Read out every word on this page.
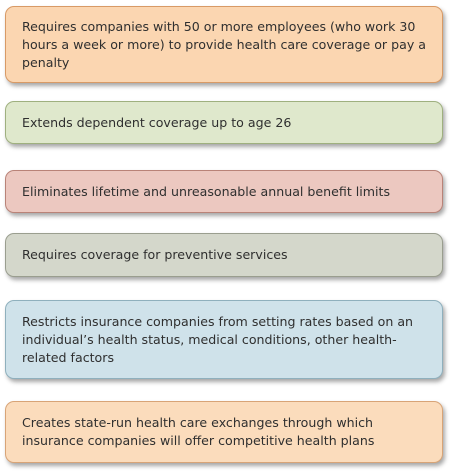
Requires companies with 50 or more employees (who work 30 hours a week or more) to provide health care coverage or pay a penalty
Extends dependent coverage up to age 26
Eliminates lifetime and unreasonable annual benefit limits
Requires coverage for preventive services
Restricts insurance companies from setting rates based on an individual’s health status, medical conditions, other health-related factors
Creates state-run health care exchanges through which insurance companies will offer competitive health plans
